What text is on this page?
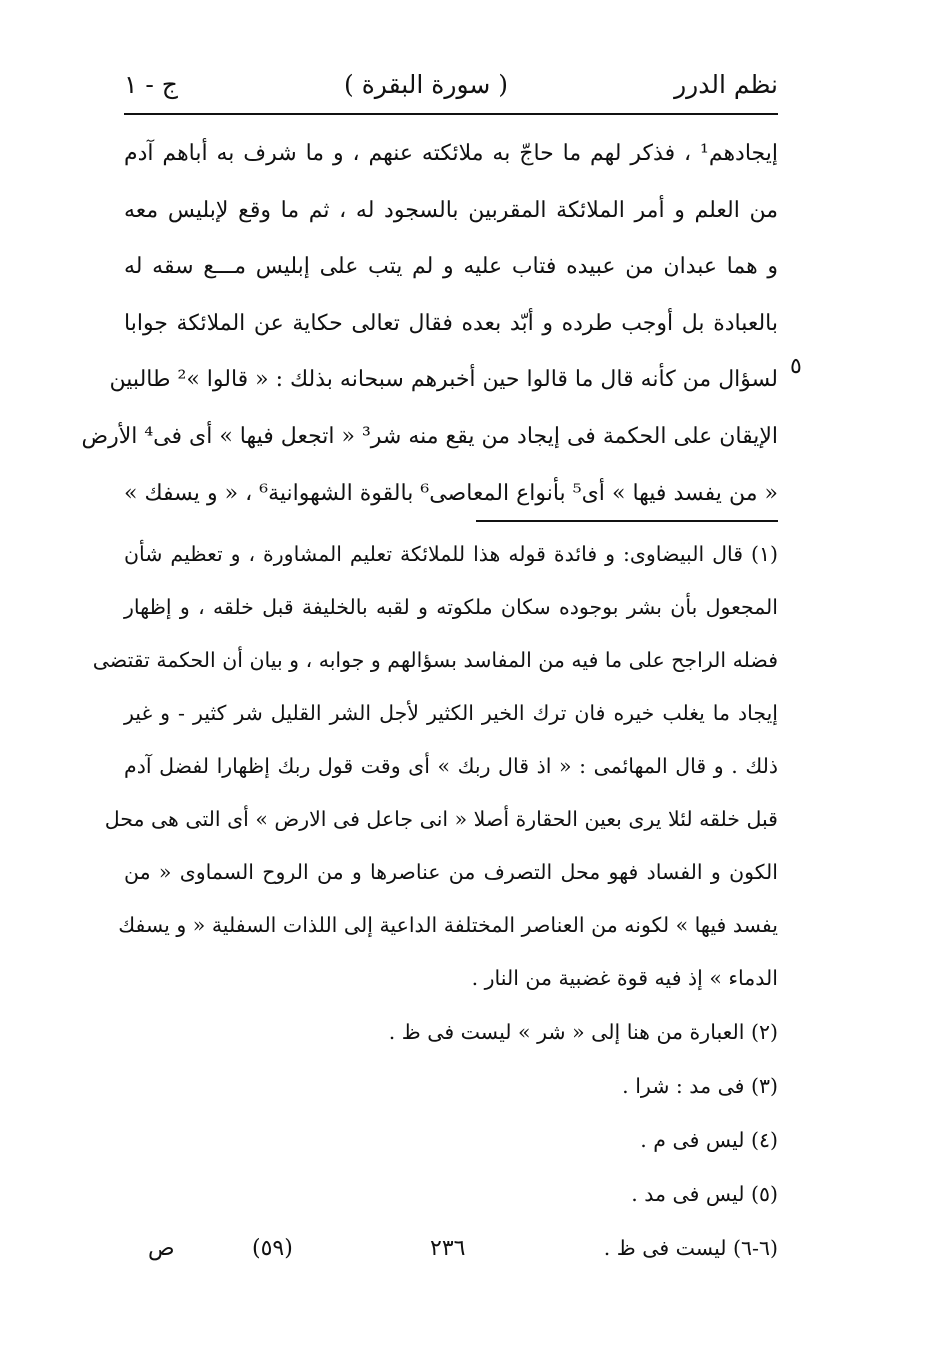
نظم الدرر
( سورة البقرة )
ج - ١
إيجادهم¹ ، فذكر لهم ما حاجّ به ملائكته عنهم ، و ما شرف به أباهم آدم
من العلم و أمر الملائكة المقربين بالسجود له ، ثم ما وقع لإبليس معه
و هما عبدان من عبيده فتاب عليه و لم يتب على إبليس مـــع سقه له
بالعبادة بل أوجب طرده و أبّد بعده فقال تعالى حكاية عن الملائكة جوابا
لسؤال من كأنه قال ما قالوا حين أخبرهم سبحانه بذلك : « قالوا »² طالبين
الإيقان على الحكمة فى إيجاد من يقع منه شر³ « اتجعل فيها » أى فى⁴ الأرض
« من يفسد فيها » أى⁵ بأنواع المعاصى⁶ بالقوة الشهوانية⁶ ، « و يسفك »
٥
(١) قال البيضاوى: و فائدة قوله هذا للملائكة تعليم المشاورة ، و تعظيم شأن
المجعول بأن بشر بوجوده سكان ملكوته و لقبه بالخليفة قبل خلقه ، و إظهار
فضله الراجح على ما فيه من المفاسد بسؤالهم و جوابه ، و بيان أن الحكمة تقتضى
إيجاد ما يغلب خيره فان ترك الخير الكثير لأجل الشر القليل شر كثير - و غير
ذلك . و قال المهائمى : « اذ قال ربك » أى وقت قول ربك إظهارا لفضل آدم
قبل خلقه لئلا يرى بعين الحقارة أصلا « انى جاعل فى الارض » أى التى هى محل
الكون و الفساد فهو محل التصرف من عناصرها و من الروح السماوى « من
يفسد فيها » لكونه من العناصر المختلفة الداعية إلى اللذات السفلية « و يسفك
الدماء » إذ فيه قوة غضبية من النار .
(٢) العبارة من هنا إلى « شر » ليست فى ظ .
(٣) فى مد : شرا .
(٤) ليس فى م .
(٥) ليس فى مد .
(٦-٦) ليست فى ظ .
ص	(٥٩)	٢٣٦
